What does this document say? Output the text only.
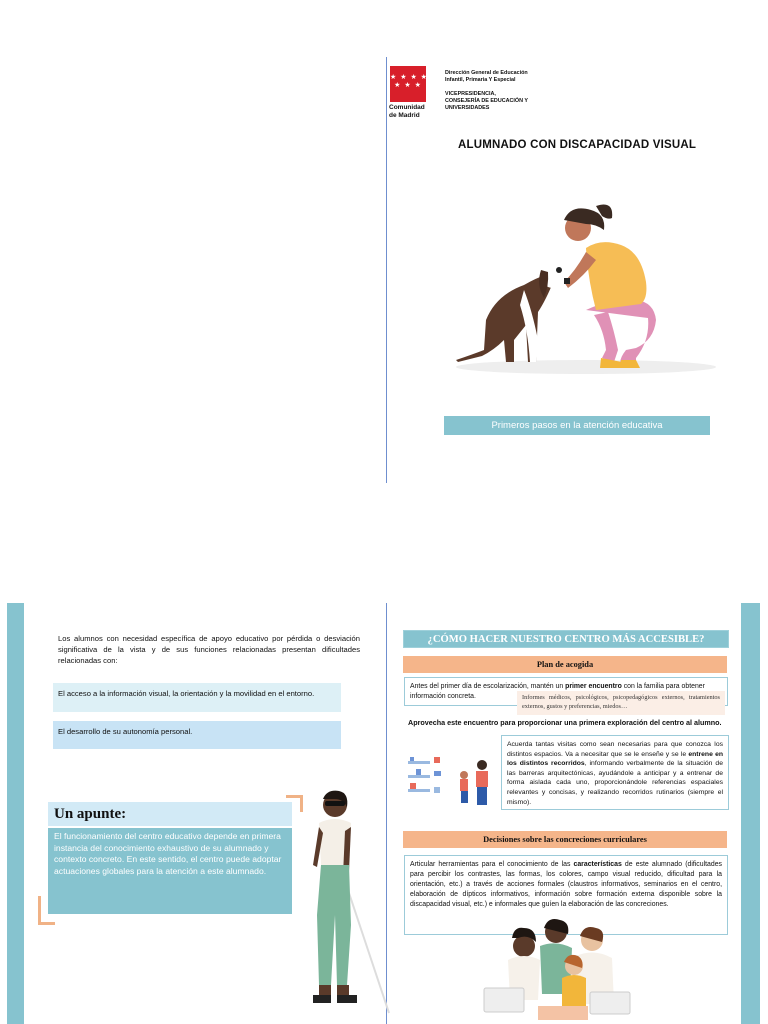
★ ★ ★ ★
★ ★ ★
Comunidad
de Madrid

Dirección General de Educación

Infantil, Primaria Y Especial

VICEPRESIDENCIA,

CONSEJERÍA DE EDUCACIÓN Y

UNIVERSIDADES

ALUMNADO CON DISCAPACIDAD VISUAL
Primeros pasos en la atención educativa
Los alumnos con necesidad específica de apoyo educativo por pérdida o desviación significativa de la vista y de sus funciones relacionadas presentan dificultades relacionadas con:
El acceso a la información visual, la orientación y la movilidad en el entorno.
El desarrollo de su autonomía personal.
Un apunte:
El funcionamiento del centro educativo depende en primera instancia del conocimiento exhaustivo de su alumnado y contexto concreto. En este sentido, el centro puede adoptar actuaciones globales para la atención a este alumnado.
¿CÓMO HACER NUESTRO CENTRO MÁS ACCESIBLE?
Plan de acogida
Antes del primer día de escolarización, mantén un primer encuentro con la familia para obtener información concreta.	Informes médicos, psicológicos, psicopedagógicos externos, tratamientos externos, gustos y preferencias, miedos…
Aprovecha este encuentro para proporcionar una primera exploración del centro al alumno.
Acuerda tantas visitas como sean necesarias para que conozca los distintos espacios. Va a necesitar que se le enseñe y se le entrene en los distintos recorridos, informando verbalmente de la situación de las barreras arquitectónicas, ayudándole a anticipar y a entrenar de forma aislada cada uno, proporcionándole referencias espaciales relevantes y concisas, y realizando recorridos rutinarios (siempre el mismo).
Decisiones sobre las concreciones curriculares
Articular herramientas para el conocimiento de las características de este alumnado (dificultades para percibir los contrastes, las formas, los colores, campo visual reducido, dificultad para la orientación, etc.) a través de acciones formales (claustros informativos, seminarios en el centro, elaboración de dípticos informativos, información sobre formación externa disponible sobre la discapacidad visual, etc.) e informales que guíen la elaboración de las concreciones.
